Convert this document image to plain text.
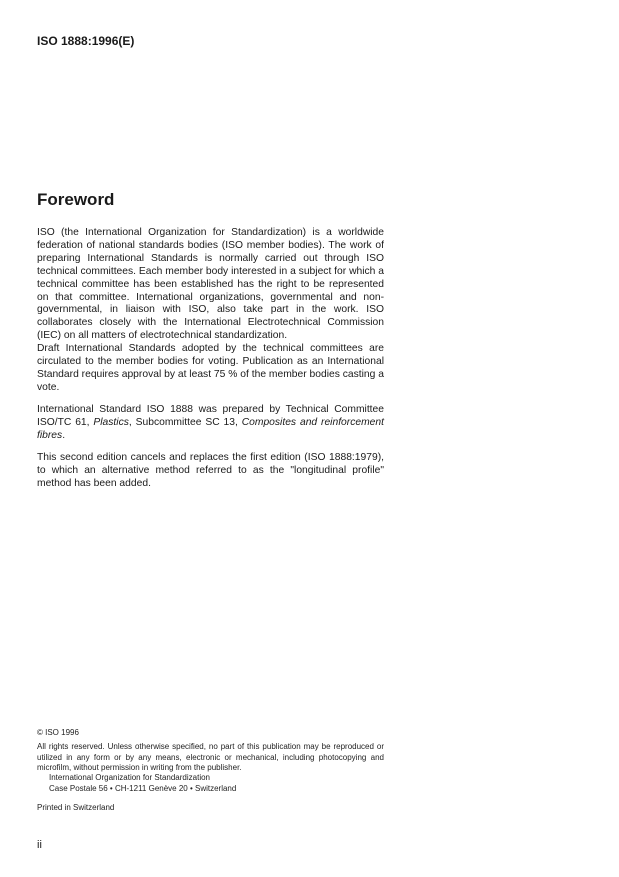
ISO 1888:1996(E)
Foreword

ISO (the International Organization for Standardization) is a worldwide federation of national standards bodies (ISO member bodies). The work of preparing International Standards is normally carried out through ISO technical committees. Each member body interested in a subject for which a technical committee has been established has the right to be represented on that committee. International organizations, governmental and non-governmental, in liaison with ISO, also take part in the work. ISO collaborates closely with the International Electrotechnical Commission (IEC) on all matters of electrotechnical standardization.

Draft International Standards adopted by the technical committees are circulated to the member bodies for voting. Publication as an International Standard requires approval by at least 75 % of the member bodies casting a vote.

International Standard ISO 1888 was prepared by Technical Committee ISO/TC 61, Plastics, Subcommittee SC 13, Composites and reinforcement fibres.

This second edition cancels and replaces the first edition (ISO 1888:1979), to which an alternative method referred to as the "longitudinal profile" method has been added.

© ISO 1996
All rights reserved. Unless otherwise specified, no part of this publication may be reproduced or utilized in any form or by any means, electronic or mechanical, including photocopying and microfilm, without permission in writing from the publisher.
International Organization for Standardization
Case Postale 56 • CH-1211 Genève 20 • Switzerland
Printed in Switzerland
ii
